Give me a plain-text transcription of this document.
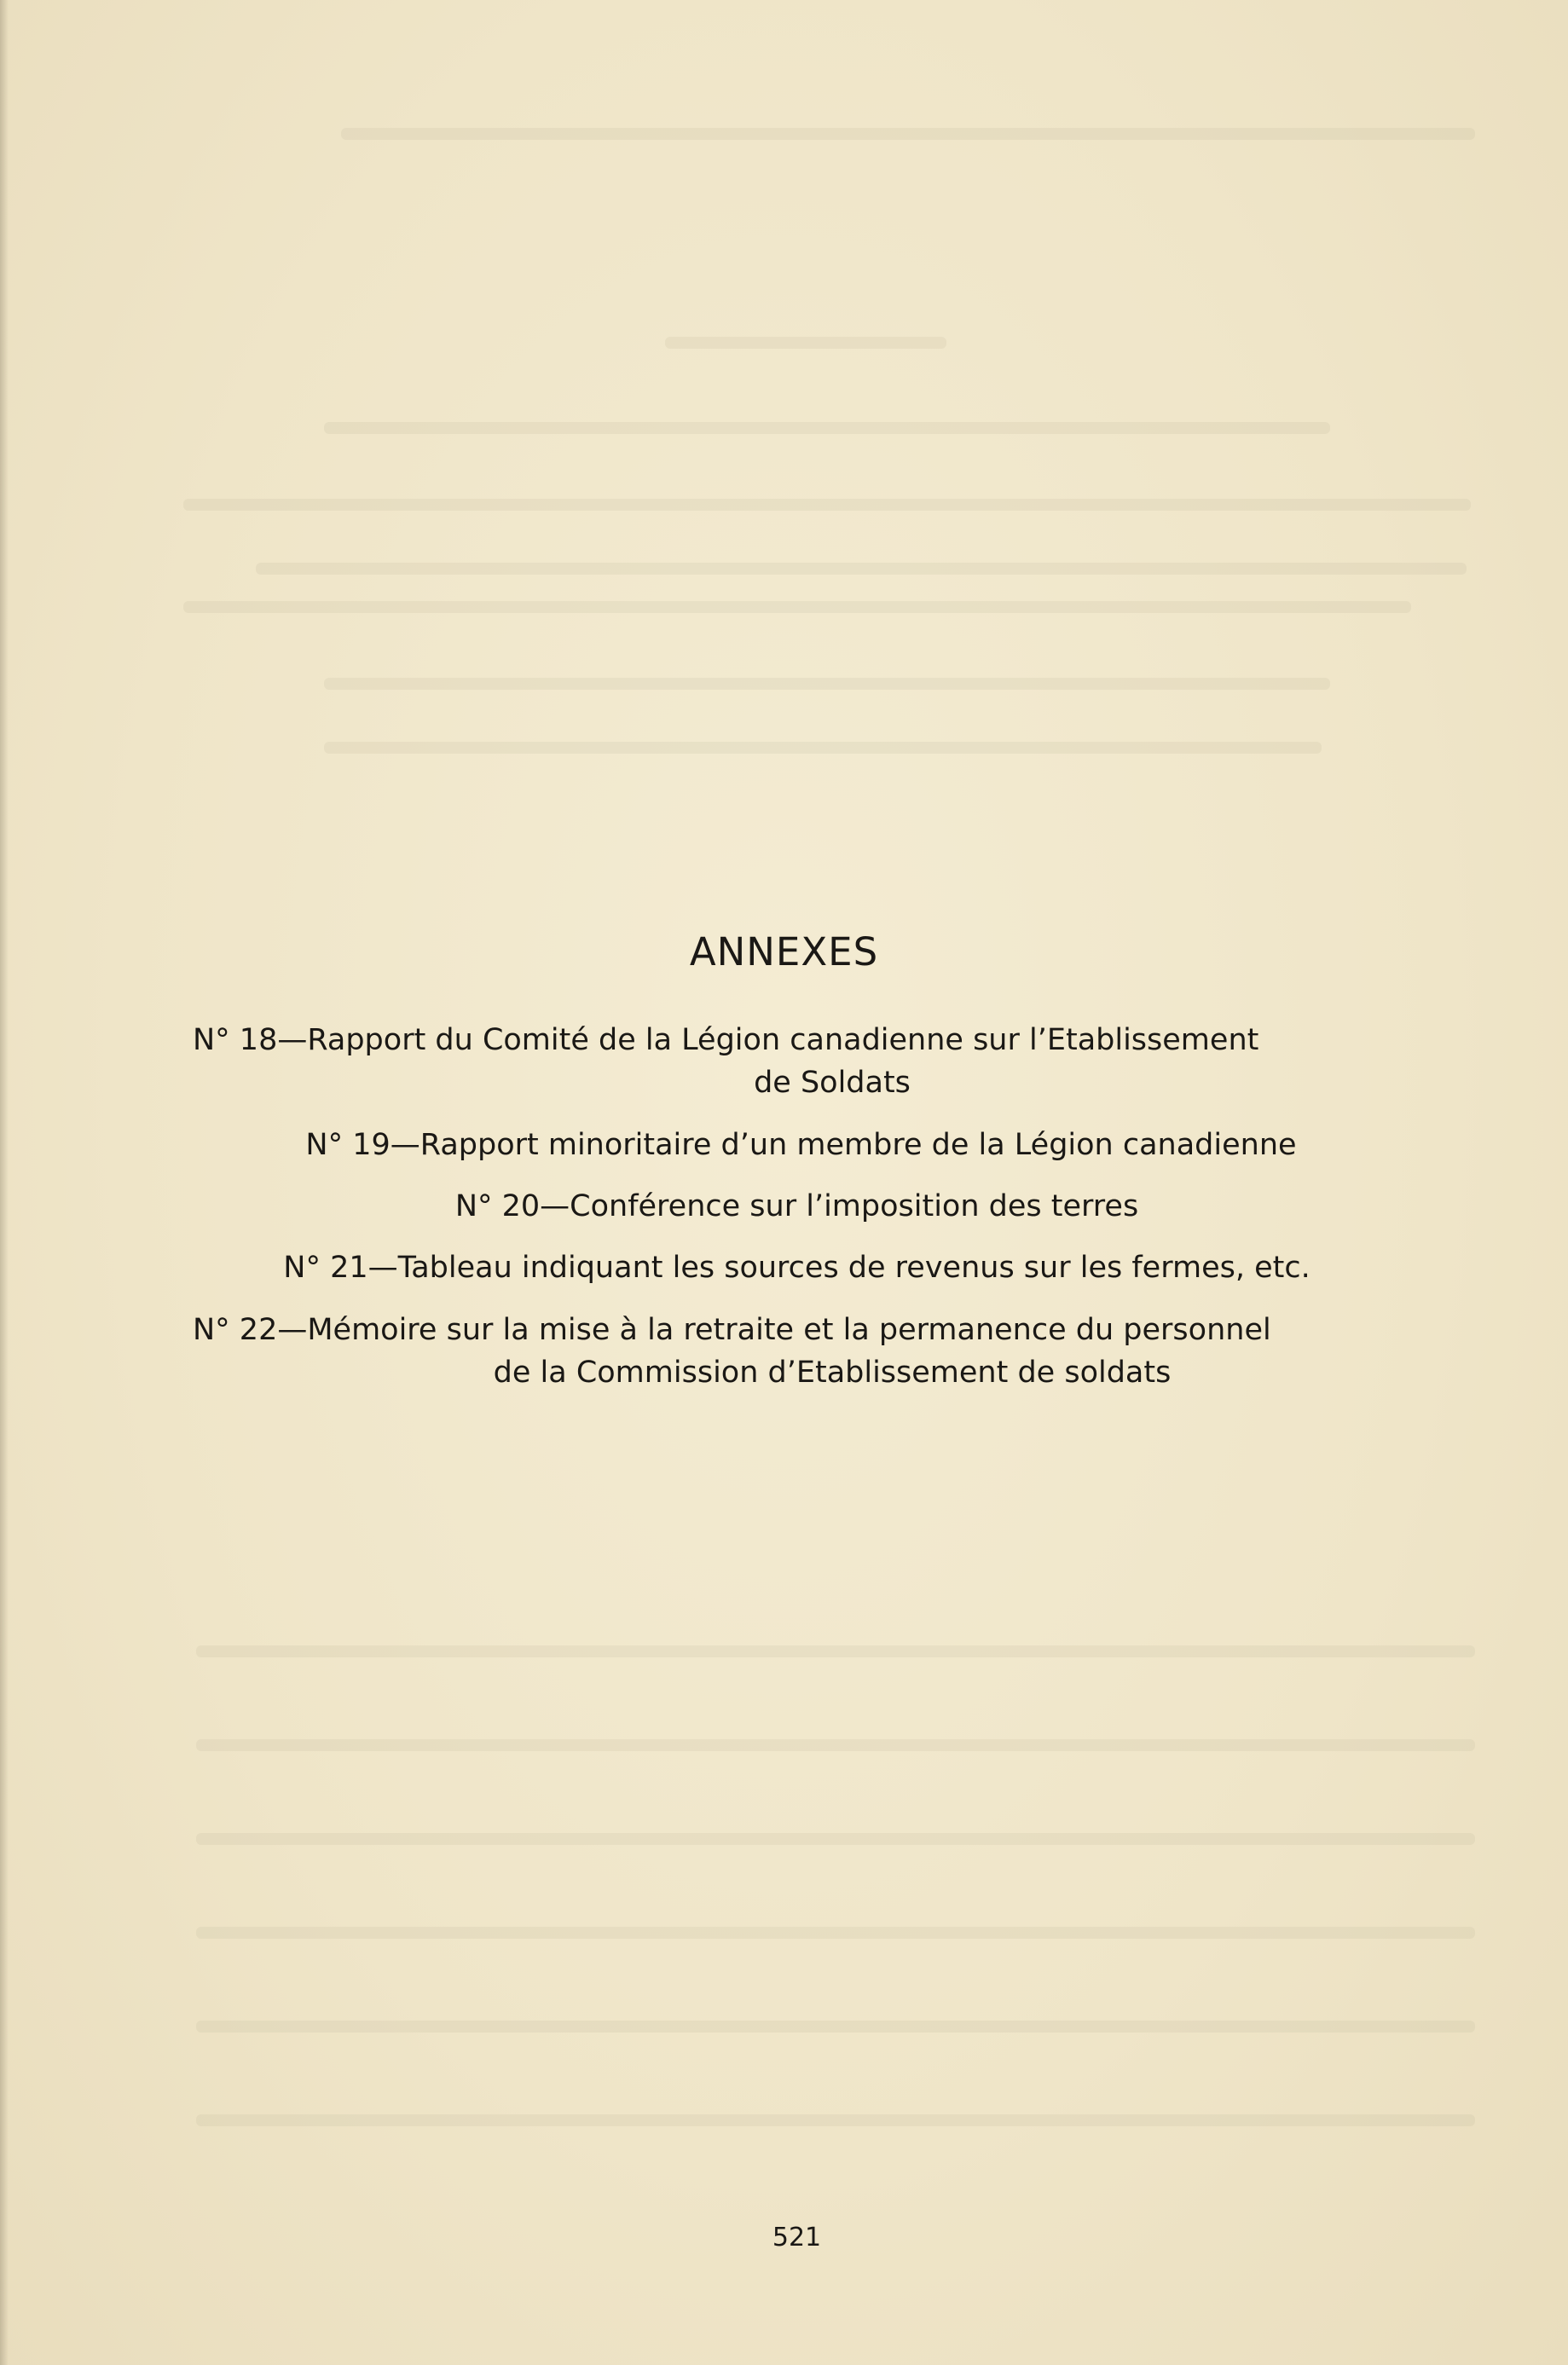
ANNEXES
N° 18—Rapport du Comité de la Légion canadienne sur l’Etablissement
de Soldats
N° 19—Rapport minoritaire d’un membre de la Légion canadienne
N° 20—Conférence sur l’imposition des terres
N° 21—Tableau indiquant les sources de revenus sur les fermes, etc.
N° 22—Mémoire sur la mise à la retraite et la permanence du personnel
de la Commission d’Etablissement de soldats
521
